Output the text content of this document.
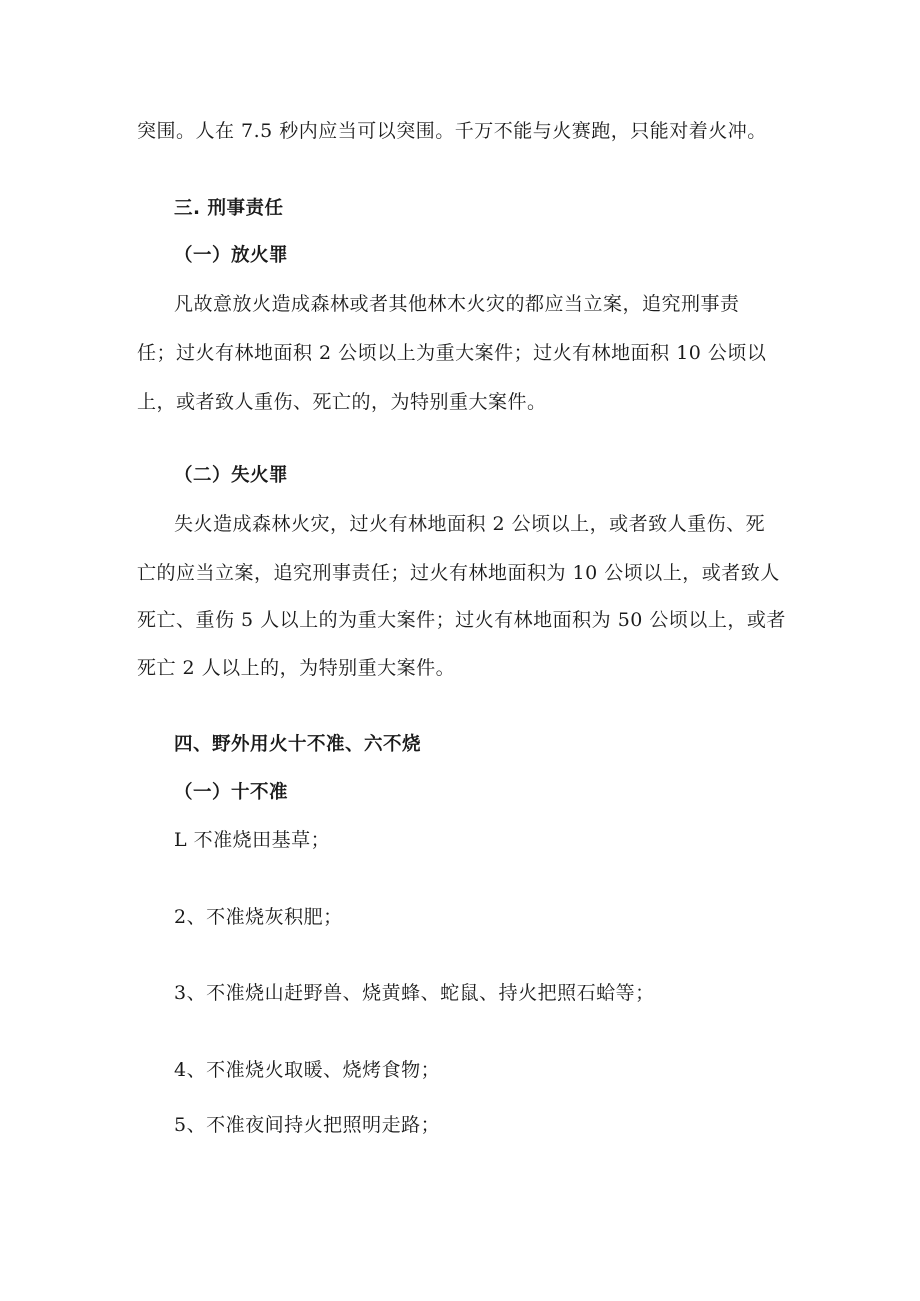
突围。人在 7.5 秒内应当可以突围。千万不能与火赛跑，只能对着火冲。
三. 刑事责任
（一）放火罪
凡故意放火造成森林或者其他林木火灾的都应当立案，追究刑事责
任；过火有林地面积 2 公顷以上为重大案件；过火有林地面积 10 公顷以
上，或者致人重伤、死亡的，为特别重大案件。
（二）失火罪
失火造成森林火灾，过火有林地面积 2 公顷以上，或者致人重伤、死
亡的应当立案，追究刑事责任；过火有林地面积为 10 公顷以上，或者致人
死亡、重伤 5 人以上的为重大案件；过火有林地面积为 50 公顷以上，或者
死亡 2 人以上的，为特别重大案件。
四、野外用火十不准、六不烧
（一）十不准
L 不准烧田基草；
2、不准烧灰积肥；
3、不准烧山赶野兽、烧黄蜂、蛇鼠、持火把照石蛤等；
4、不准烧火取暖、烧烤食物；
5、不准夜间持火把照明走路；
